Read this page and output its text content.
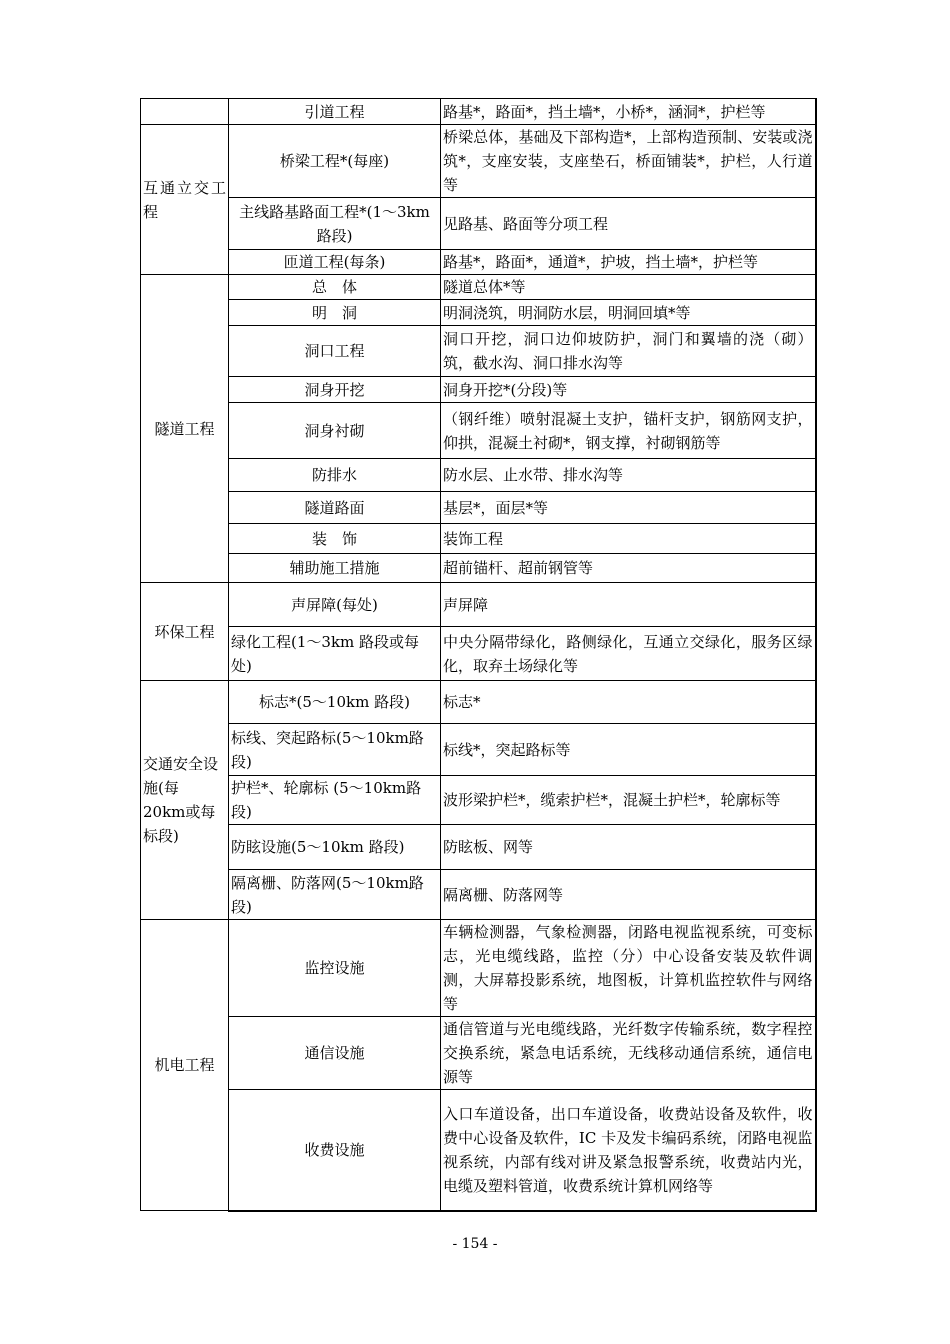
	引道工程	路基*，路面*，挡土墙*，小桥*，涵洞*，护栏等
互通立交工　　程	桥梁工程*(每座)	桥梁总体，基础及下部构造*，上部构造预制、安装或浇筑*，支座安装，支座垫石，桥面铺装*，护栏，人行道等
	主线路基路面工程*(1～3km 路段)	见路基、路面等分项工程
	匝道工程(每条)	路基*，路面*，通道*，护坡，挡土墙*，护栏等
隧道工程	总　体	隧道总体*等
	明　洞	明洞浇筑，明洞防水层，明洞回填*等
	洞口工程	洞口开挖，洞口边仰坡防护，洞门和翼墙的浇（砌）筑，截水沟、洞口排水沟等
	洞身开挖	洞身开挖*(分段)等
	洞身衬砌	（钢纤维）喷射混凝土支护，锚杆支护，钢筋网支护，仰拱，混凝土衬砌*，钢支撑，衬砌钢筋等
	防排水	防水层、止水带、排水沟等
	隧道路面	基层*，面层*等
	装　饰	装饰工程
	辅助施工措施	超前锚杆、超前钢管等
环保工程	声屏障(每处)	声屏障
	绿化工程(1～3km 路段或每处)	中央分隔带绿化，路侧绿化，互通立交绿化，服务区绿化，取弃土场绿化等
交通安全设施(每 20km或每标段)	标志*(5～10km 路段)	标志*
	标线、突起路标(5～10km路段)	标线*，突起路标等
	护栏*、轮廓标 (5～10km路段)	波形梁护栏*，缆索护栏*，混凝土护栏*，轮廓标等
	防眩设施(5～10km 路段)	防眩板、网等
	隔离栅、防落网(5～10km路段)	隔离栅、防落网等
机电工程	监控设施	车辆检测器，气象检测器，闭路电视监视系统，可变标志，光电缆线路，监控（分）中心设备安装及软件调测，大屏幕投影系统，地图板，计算机监控软件与网络等
	通信设施	通信管道与光电缆线路，光纤数字传输系统，数字程控交换系统，紧急电话系统，无线移动通信系统，通信电源等
	收费设施	入口车道设备，出口车道设备，收费站设备及软件，收费中心设备及软件，IC 卡及发卡编码系统，闭路电视监视系统，内部有线对讲及紧急报警系统，收费站内光，电缆及塑料管道，收费系统计算机网络等
- 154 -
